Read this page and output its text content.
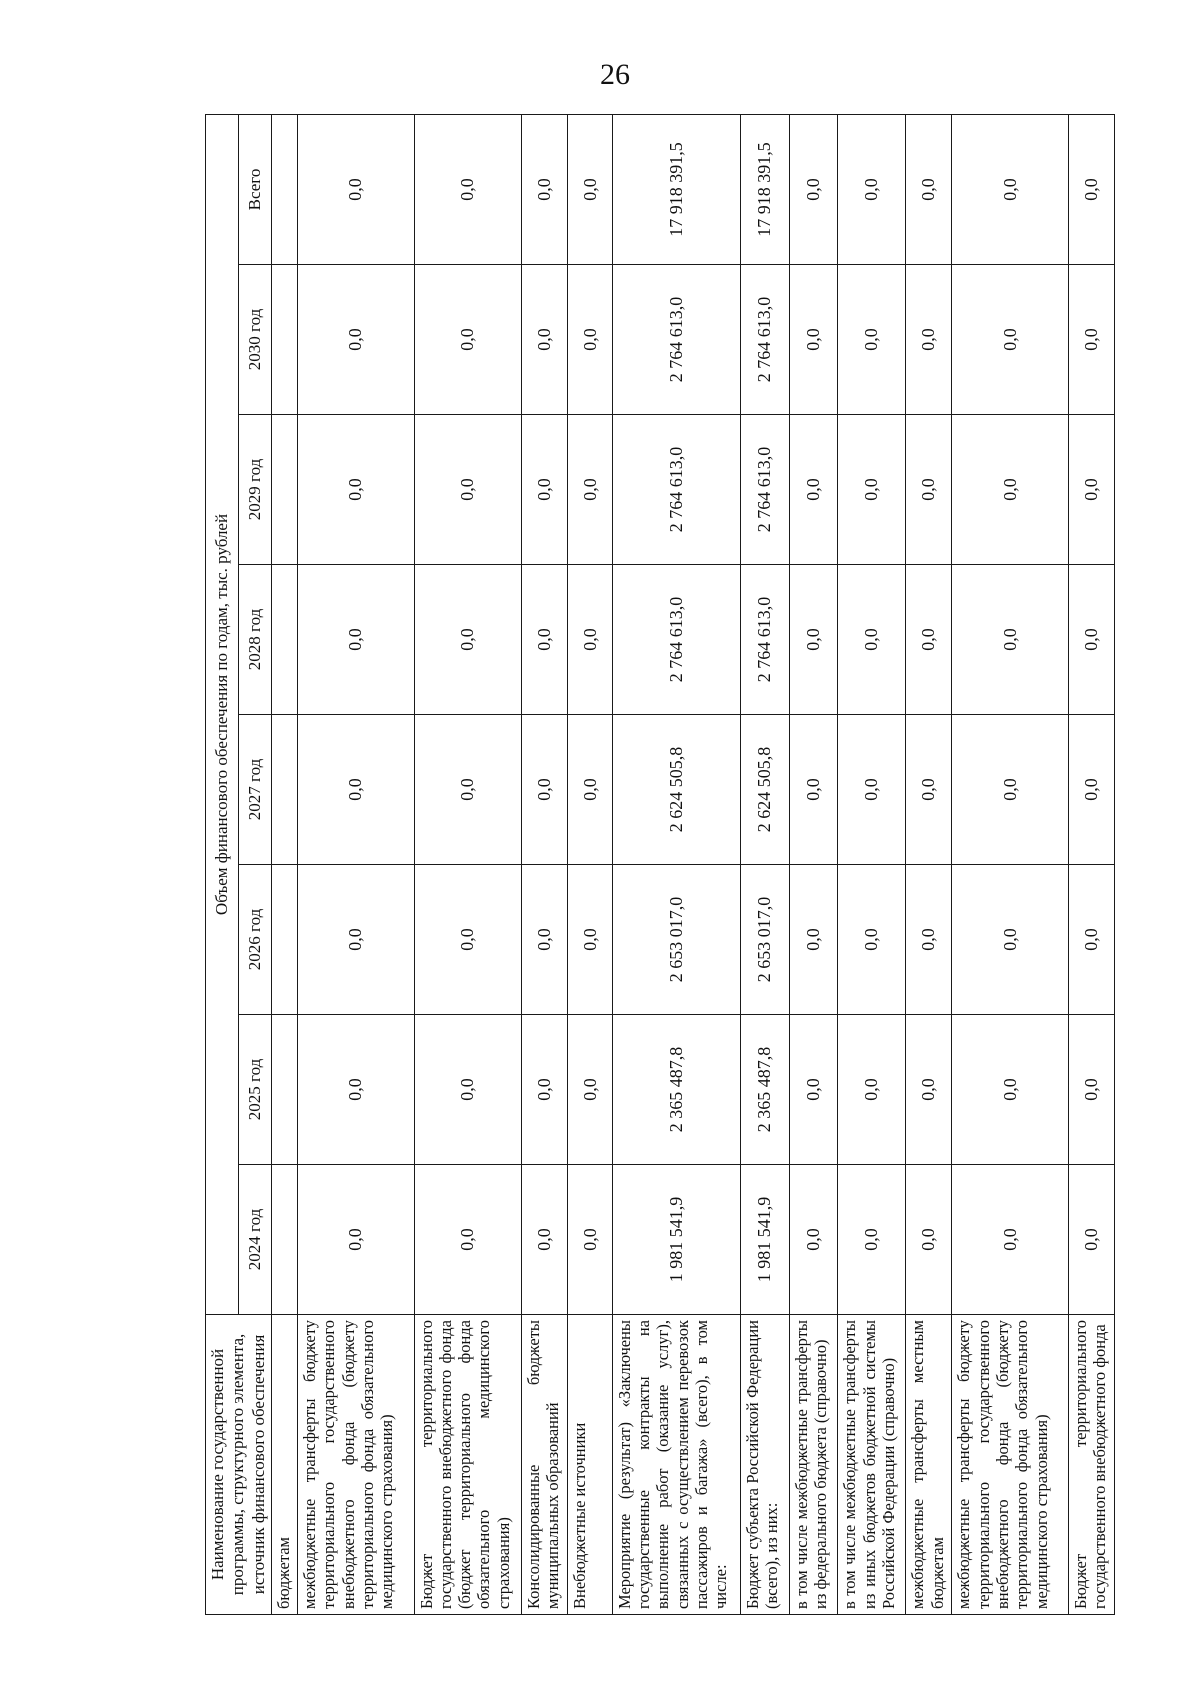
26
Наименование государственной программы, структурного элемента, источник финансового обеспечения	Объем финансового обеспечения по годам, тыс. рублей							
	2024 год	2025 год	2026 год	2027 год	2028 год	2029 год	2030 год	Всего
бюджетам								
межбюджетные трансферты бюджету территориального государственного внебюджетного фонда (бюджету территориального фонда обязательного медицинского страхования)	0,0	0,0	0,0	0,0	0,0	0,0	0,0	0,0
Бюджет территориального государственного внебюджетного фонда (бюджет территориального фонда обязательного медицинского страхования)	0,0	0,0	0,0	0,0	0,0	0,0	0,0	0,0
Консолидированные бюджеты муниципальных образований	0,0	0,0	0,0	0,0	0,0	0,0	0,0	0,0
Внебюджетные источники	0,0	0,0	0,0	0,0	0,0	0,0	0,0	0,0
Мероприятие (результат) «Заключены государственные контракты на выполнение работ (оказание услуг), связанных с осуществлением перевозок пассажиров и багажа» (всего), в том числе:	1 981 541,9	2 365 487,8	2 653 017,0	2 624 505,8	2 764 613,0	2 764 613,0	2 764 613,0	17 918 391,5
Бюджет субъекта Российской Федерации (всего), из них:	1 981 541,9	2 365 487,8	2 653 017,0	2 624 505,8	2 764 613,0	2 764 613,0	2 764 613,0	17 918 391,5
в том числе межбюджетные трансферты из федерального бюджета (справочно)	0,0	0,0	0,0	0,0	0,0	0,0	0,0	0,0
в том числе межбюджетные трансферты из иных бюджетов бюджетной системы Российской Федерации (справочно)	0,0	0,0	0,0	0,0	0,0	0,0	0,0	0,0
межбюджетные трансферты местным бюджетам	0,0	0,0	0,0	0,0	0,0	0,0	0,0	0,0
межбюджетные трансферты бюджету территориального государственного внебюджетного фонда (бюджету территориального фонда обязательного медицинского страхования)	0,0	0,0	0,0	0,0	0,0	0,0	0,0	0,0
Бюджет территориального государственного внебюджетного фонда	0,0	0,0	0,0	0,0	0,0	0,0	0,0	0,0
